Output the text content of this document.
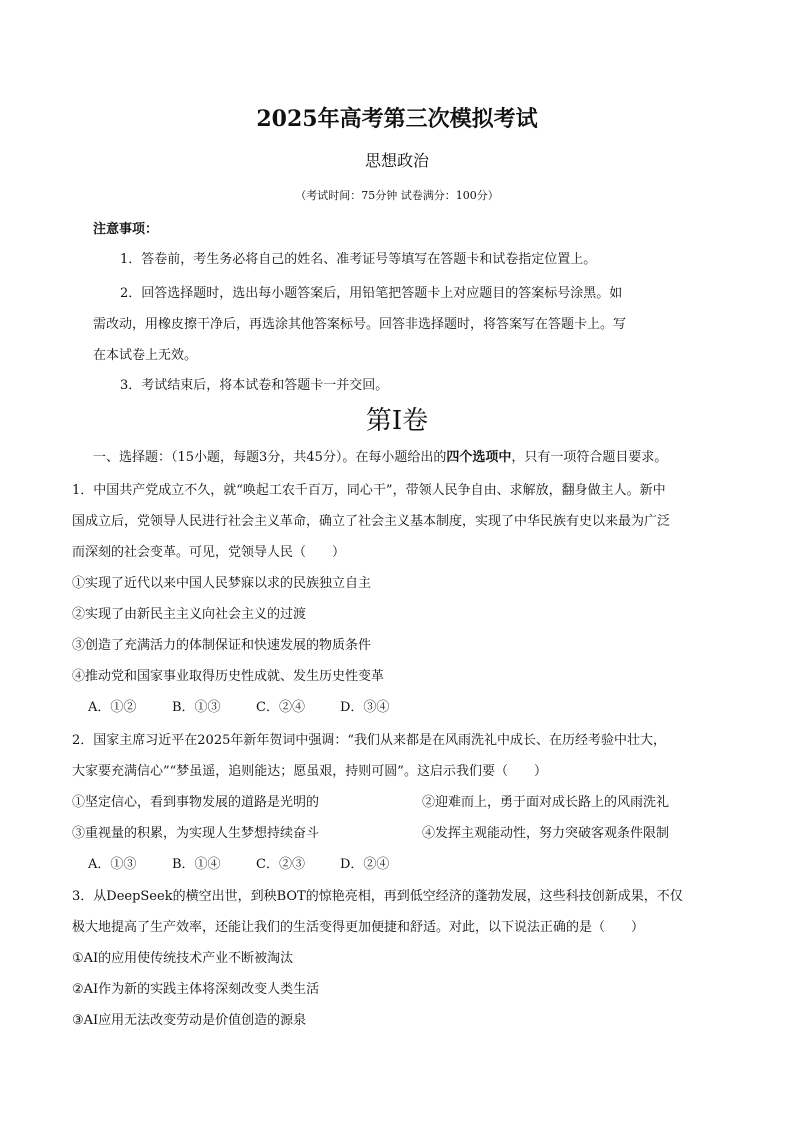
2025年高考第三次模拟考试
思想政治
（考试时间：75分钟 试卷满分：100分）
注意事项：
1．答卷前，考生务必将自己的姓名、准考证号等填写在答题卡和试卷指定位置上。
2．回答选择题时，选出每小题答案后，用铅笔把答题卡上对应题目的答案标号涂黑。如
需改动，用橡皮擦干净后，再选涂其他答案标号。回答非选择题时，将答案写在答题卡上。写
在本试卷上无效。
3．考试结束后，将本试卷和答题卡一并交回。
第Ⅰ卷
一、选择题：（15小题，每题3分，共45分）。在每小题给出的四个选项中，只有一项符合题目要求。
1．中国共产党成立不久，就“唤起工农千百万，同心干”，带领人民争自由、求解放，翻身做主人。新中
国成立后，党领导人民进行社会主义革命，确立了社会主义基本制度，实现了中华民族有史以来最为广泛
而深刻的社会变革。可见，党领导人民（　　）
①实现了近代以来中国人民梦寐以求的民族独立自主
②实现了由新民主主义向社会主义的过渡
③创造了充满活力的体制保证和快速发展的物质条件
④推动党和国家事业取得历史性成就、发生历史性变革
A．①②	B．①③	C．②④	D．③④
2．国家主席习近平在2025年新年贺词中强调：“我们从来都是在风雨洗礼中成长、在历经考验中壮大，
大家要充满信心”“梦虽遥，追则能达；愿虽艰，持则可圆”。这启示我们要（　　）
①坚定信心，看到事物发展的道路是光明的	②迎难而上，勇于面对成长路上的风雨洗礼
③重视量的积累，为实现人生梦想持续奋斗	④发挥主观能动性，努力突破客观条件限制
A．①③	B．①④	C．②③	D．②④
3．从DeepSeek的横空出世，到秧BOT的惊艳亮相，再到低空经济的蓬勃发展，这些科技创新成果，不仅
极大地提高了生产效率，还能让我们的生活变得更加便捷和舒适。对此，以下说法正确的是（　　）
①AI的应用使传统技术产业不断被淘汰
②AI作为新的实践主体将深刻改变人类生活
③AI应用无法改变劳动是价值创造的源泉
